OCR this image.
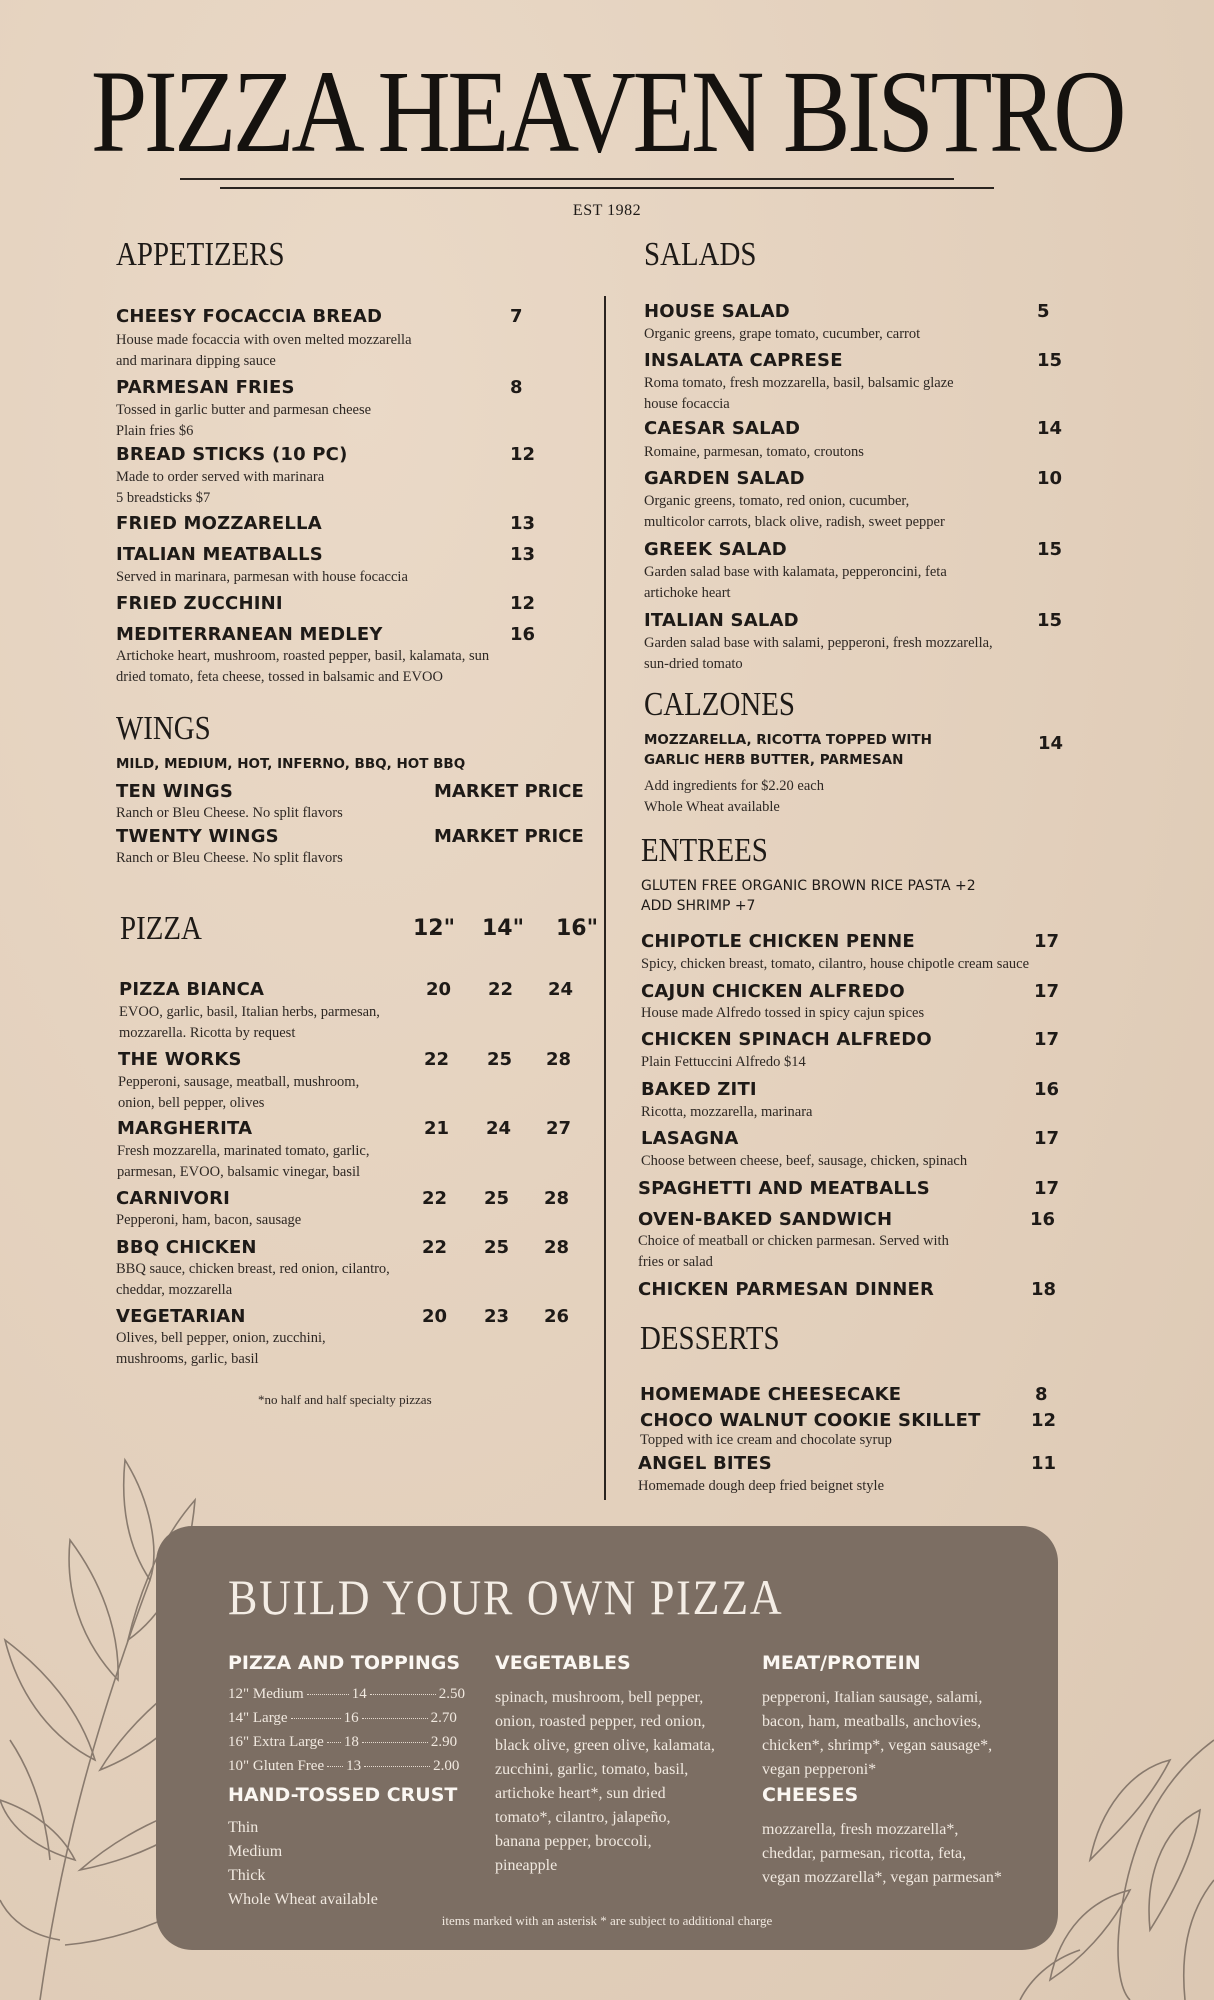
PIZZA HEAVEN BISTRO
EST 1982
APPETIZERS
CHEESY FOCACCIA BREAD	7
House made focaccia with oven melted mozzarella
and marinara dipping sauce
PARMESAN FRIES	8
Tossed in garlic butter and parmesan cheese
Plain fries $6
BREAD STICKS (10 PC)	12
Made to order served with marinara
5 breadsticks $7
FRIED MOZZARELLA	13
ITALIAN MEATBALLS	13
Served in marinara, parmesan with house focaccia
FRIED ZUCCHINI	12
MEDITERRANEAN MEDLEY	16
Artichoke heart, mushroom, roasted pepper, basil, kalamata, sun
dried tomato, feta cheese, tossed in balsamic and EVOO
WINGS
MILD, MEDIUM, HOT, INFERNO, BBQ, HOT BBQ
TEN WINGS	MARKET PRICE
Ranch or Bleu Cheese. No split flavors
TWENTY WINGS	MARKET PRICE
Ranch or Bleu Cheese. No split flavors
PIZZA	12" 14" 16"
PIZZA BIANCA	20 22 24
EVOO, garlic, basil, Italian herbs, parmesan,
mozzarella. Ricotta by request
THE WORKS	22 25 28
Pepperoni, sausage, meatball, mushroom,
onion, bell pepper, olives
MARGHERITA	21 24 27
Fresh mozzarella, marinated tomato, garlic,
parmesan, EVOO, balsamic vinegar, basil
CARNIVORI	22 25 28
Pepperoni, ham, bacon, sausage
BBQ CHICKEN	22 25 28
BBQ sauce, chicken breast, red onion, cilantro,
cheddar, mozzarella
VEGETARIAN	20 23 26
Olives, bell pepper, onion, zucchini,
mushrooms, garlic, basil
*no half and half specialty pizzas
SALADS
HOUSE SALAD	5
Organic greens, grape tomato, cucumber, carrot
INSALATA CAPRESE	15
Roma tomato, fresh mozzarella, basil, balsamic glaze
house focaccia
CAESAR SALAD	14
Romaine, parmesan, tomato, croutons
GARDEN SALAD	10
Organic greens, tomato, red onion, cucumber,
multicolor carrots, black olive, radish, sweet pepper
GREEK SALAD	15
Garden salad base with kalamata, pepperoncini, feta
artichoke heart
ITALIAN SALAD	15
Garden salad base with salami, pepperoni, fresh mozzarella,
sun-dried tomato
CALZONES
MOZZARELLA, RICOTTA TOPPED WITH
GARLIC HERB BUTTER, PARMESAN
14
Add ingredients for $2.20 each
Whole Wheat available
ENTREES
GLUTEN FREE ORGANIC BROWN RICE PASTA +2
ADD SHRIMP +7
CHIPOTLE CHICKEN PENNE	17
Spicy, chicken breast, tomato, cilantro, house chipotle cream sauce
CAJUN CHICKEN ALFREDO	17
House made Alfredo tossed in spicy cajun spices
CHICKEN SPINACH ALFREDO	17
Plain Fettuccini Alfredo $14
BAKED ZITI	16
Ricotta, mozzarella, marinara
LASAGNA	17
Choose between cheese, beef, sausage, chicken, spinach
SPAGHETTI AND MEATBALLS	17
OVEN-BAKED SANDWICH	16
Choice of meatball or chicken parmesan. Served with
fries or salad
CHICKEN PARMESAN DINNER	18
DESSERTS
HOMEMADE CHEESECAKE	8
CHOCO WALNUT COOKIE SKILLET	12
Topped with ice cream and chocolate syrup
ANGEL BITES	11
Homemade dough deep fried beignet style
BUILD YOUR OWN PIZZA
PIZZA AND TOPPINGS
12" Medium	14	2.50
14" Large	16	2.70
16" Extra Large 18	2.90
10" Gluten Free 13	2.00
HAND-TOSSED CRUST
Thin
Medium
Thick
Whole Wheat available
VEGETABLES
spinach, mushroom, bell pepper,
onion, roasted pepper, red onion,
black olive, green olive, kalamata,
zucchini, garlic, tomato, basil,
artichoke heart*, sun dried
tomato*, cilantro, jalapeño,
banana pepper, broccoli,
pineapple
MEAT/PROTEIN
pepperoni, Italian sausage, salami,
bacon, ham, meatballs, anchovies,
chicken*, shrimp*, vegan sausage*,
vegan pepperoni*
CHEESES
mozzarella, fresh mozzarella*,
cheddar, parmesan, ricotta, feta,
vegan mozzarella*, vegan parmesan*
items marked with an asterisk * are subject to additional charge
